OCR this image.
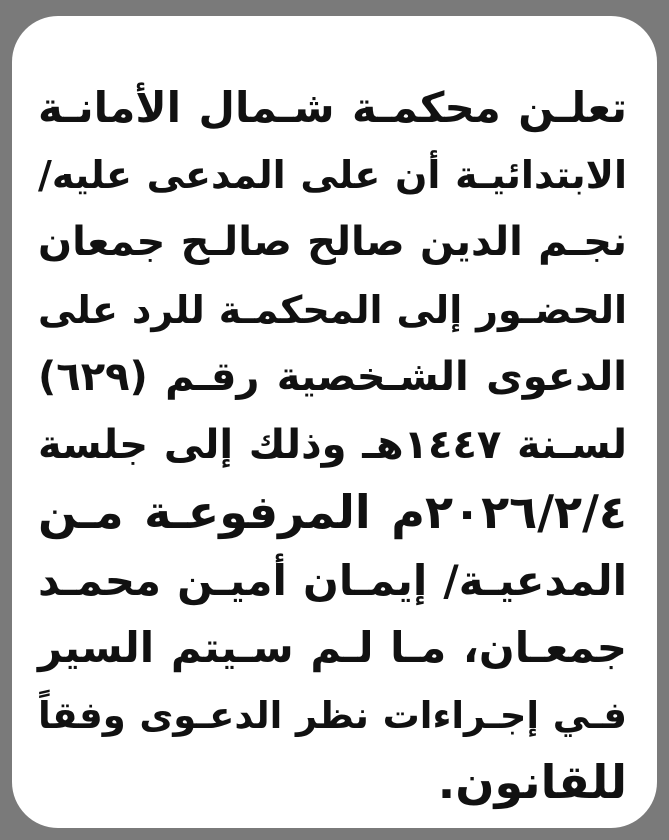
تعلـن محكمـة شـمال الأمانـة
الابتدائيـة أن على المدعى عليه/
نجـم الدين صالح صالـح جمعان
الحضـور إلى المحكمـة للرد على
الدعوى الشـخصية رقـم (٦٢٩)
لسـنة ١٤٤٧هـ وذلك إلى جلسة
٢٠٢٦/٢/٤م المرفوعـة مـن
المدعيـة/ إيمـان أميـن محمـد
جمعـان، مـا لـم سـيتم السير
فـي إجـراءات نظر الدعـوى وفقاً
للقانون.
